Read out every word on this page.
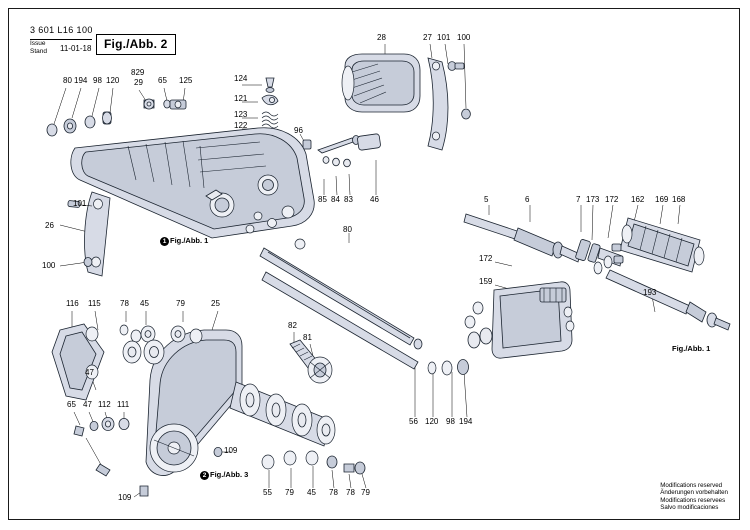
3 601 L16 100
Issue
Stand 11-01-18	Fig./Abb. 2
80 194 98 120
829
29 65 125	124
121
123
122
96
28	27 101 100
85 84 83 46
101
26
100
80
5	6	7 173 172 162 169 168
172
159
193
116 115 78 45	79	25
82
81
47
65 47 112 111
56 120 98 194
109
109
55 79 45 78 78 79
1 Fig./Abb. 1
Fig./Abb. 1
2 Fig./Abb. 3
Modifications reserved
Änderungen vorbehalten
Modifications reservees
Salvo modificaciones
